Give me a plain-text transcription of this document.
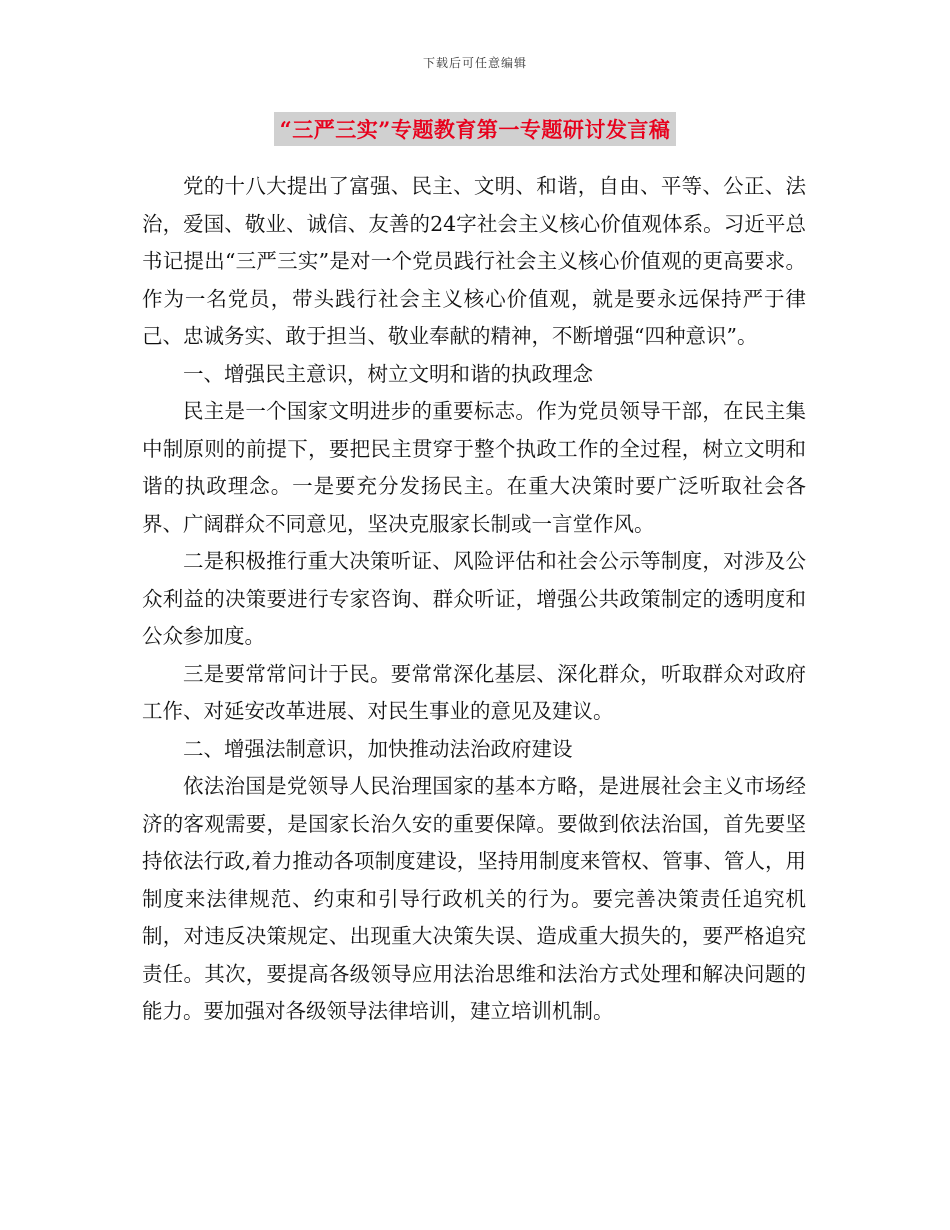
下载后可任意编辑
“三严三实”专题教育第一专题研讨发言稿

党的十八大提出了富强、民主、文明、和谐，自由、平等、公正、法治，爱国、敬业、诚信、友善的24字社会主义核心价值观体系。习近平总书记提出“三严三实”是对一个党员践行社会主义核心价值观的更高要求。作为一名党员，带头践行社会主义核心价值观，就是要永远保持严于律己、忠诚务实、敢于担当、敬业奉献的精神，不断增强“四种意识”。

一、增强民主意识，树立文明和谐的执政理念

民主是一个国家文明进步的重要标志。作为党员领导干部，在民主集中制原则的前提下，要把民主贯穿于整个执政工作的全过程，树立文明和谐的执政理念。一是要充分发扬民主。在重大决策时要广泛听取社会各界、广阔群众不同意见，坚决克服家长制或一言堂作风。

二是积极推行重大决策听证、风险评估和社会公示等制度，对涉及公众利益的决策要进行专家咨询、群众听证，增强公共政策制定的透明度和公众参加度。

三是要常常问计于民。要常常深化基层、深化群众，听取群众对政府工作、对延安改革进展、对民生事业的意见及建议。

二、增强法制意识，加快推动法治政府建设

依法治国是党领导人民治理国家的基本方略，是进展社会主义市场经济的客观需要，是国家长治久安的重要保障。要做到依法治国，首先要坚持依法行政,着力推动各项制度建设，坚持用制度来管权、管事、管人，用制度来法律规范、约束和引导行政机关的行为。要完善决策责任追究机制，对违反决策规定、出现重大决策失误、造成重大损失的，要严格追究责任。其次，要提高各级领导应用法治思维和法治方式处理和解决问题的能力。要加强对各级领导法律培训，建立培训机制。
